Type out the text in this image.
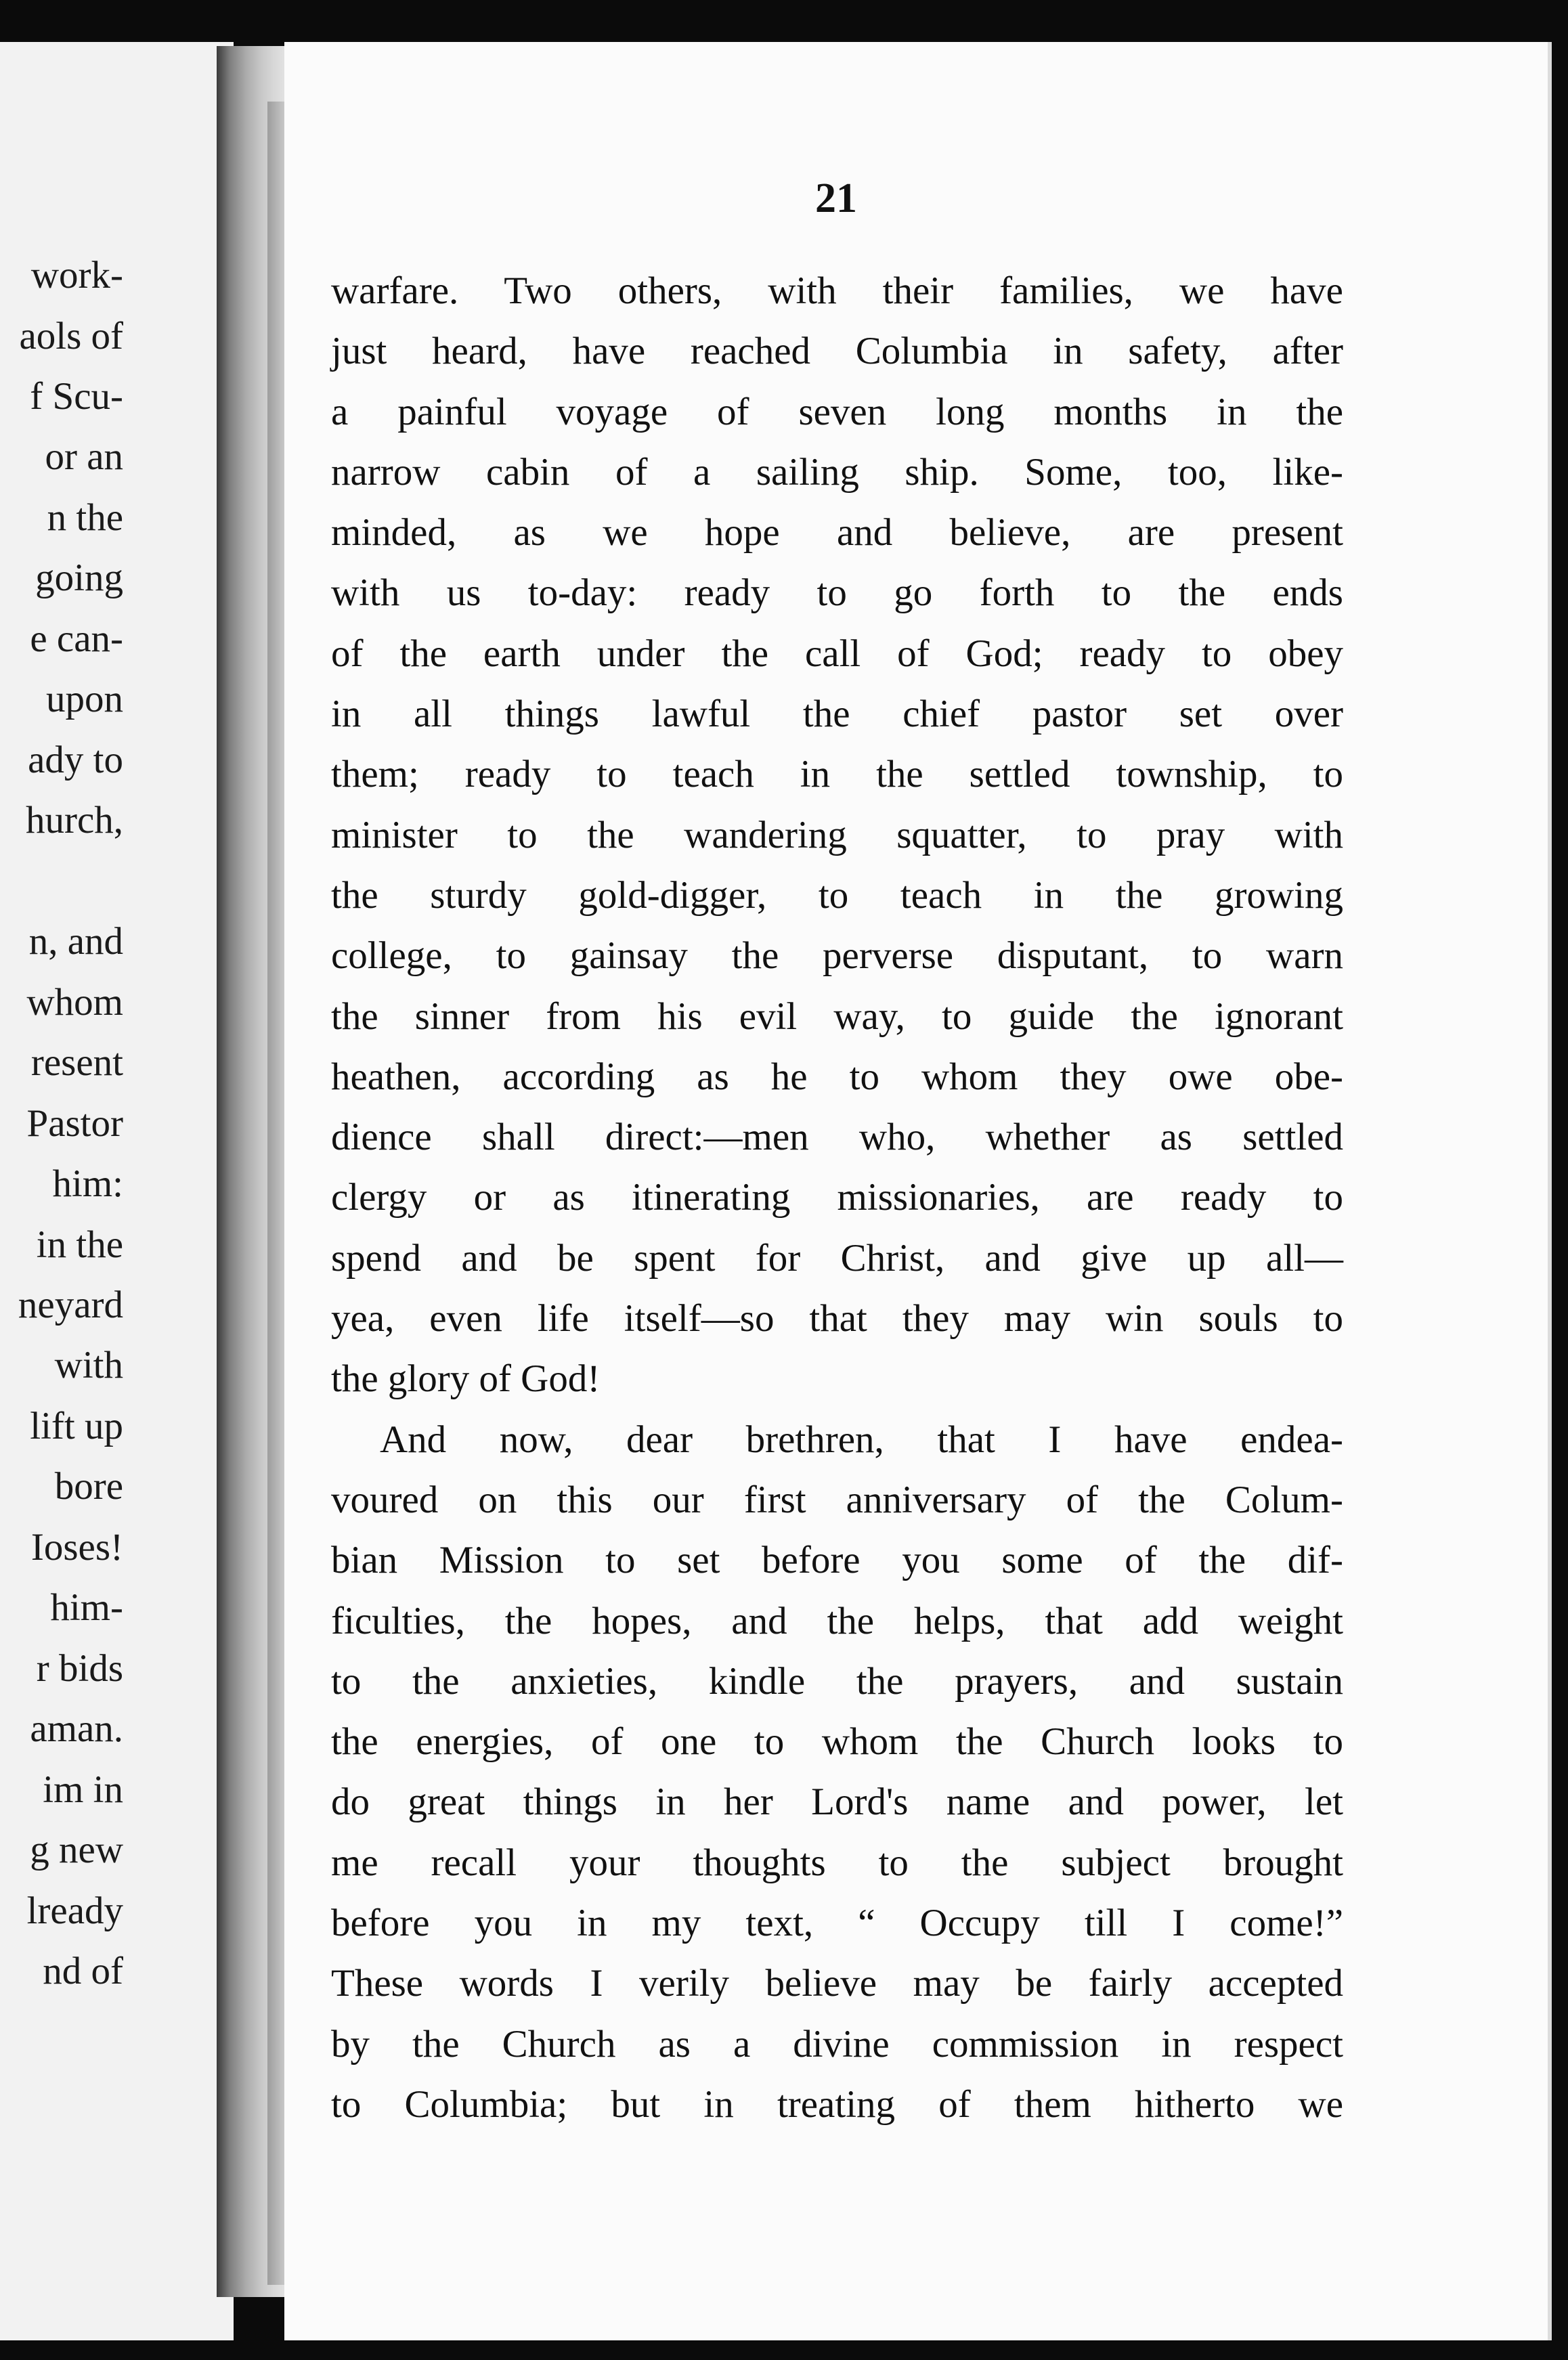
work-
aols of
f Scu-
or an
n the
going
e can-
upon
ady to
hurch,
n, and
whom
resent
Pastor
him:
in the
neyard
with
lift up
bore
Ioses!
him-
r bids
aman.
im in
g new
lready
nd of
21
warfare. Two others, with their families, we have
just heard, have reached Columbia in safety, after
a painful voyage of seven long months in the
narrow cabin of a sailing ship. Some, too, like-
minded, as we hope and believe, are present
with us to-day: ready to go forth to the ends
of the earth under the call of God; ready to obey
in all things lawful the chief pastor set over
them; ready to teach in the settled township, to
minister to the wandering squatter, to pray with
the sturdy gold-digger, to teach in the growing
college, to gainsay the perverse disputant, to warn
the sinner from his evil way, to guide the ignorant
heathen, according as he to whom they owe obe-
dience shall direct:—men who, whether as settled
clergy or as itinerating missionaries, are ready to
spend and be spent for Christ, and give up all—
yea, even life itself—so that they may win souls to
the glory of God!
And now, dear brethren, that I have endea-
voured on this our first anniversary of the Colum-
bian Mission to set before you some of the dif-
ficulties, the hopes, and the helps, that add weight
to the anxieties, kindle the prayers, and sustain
the energies, of one to whom the Church looks to
do great things in her Lord's name and power, let
me recall your thoughts to the subject brought
before you in my text, “ Occupy till I come!”
These words I verily believe may be fairly accepted
by the Church as a divine commission in respect
to Columbia; but in treating of them hitherto we
